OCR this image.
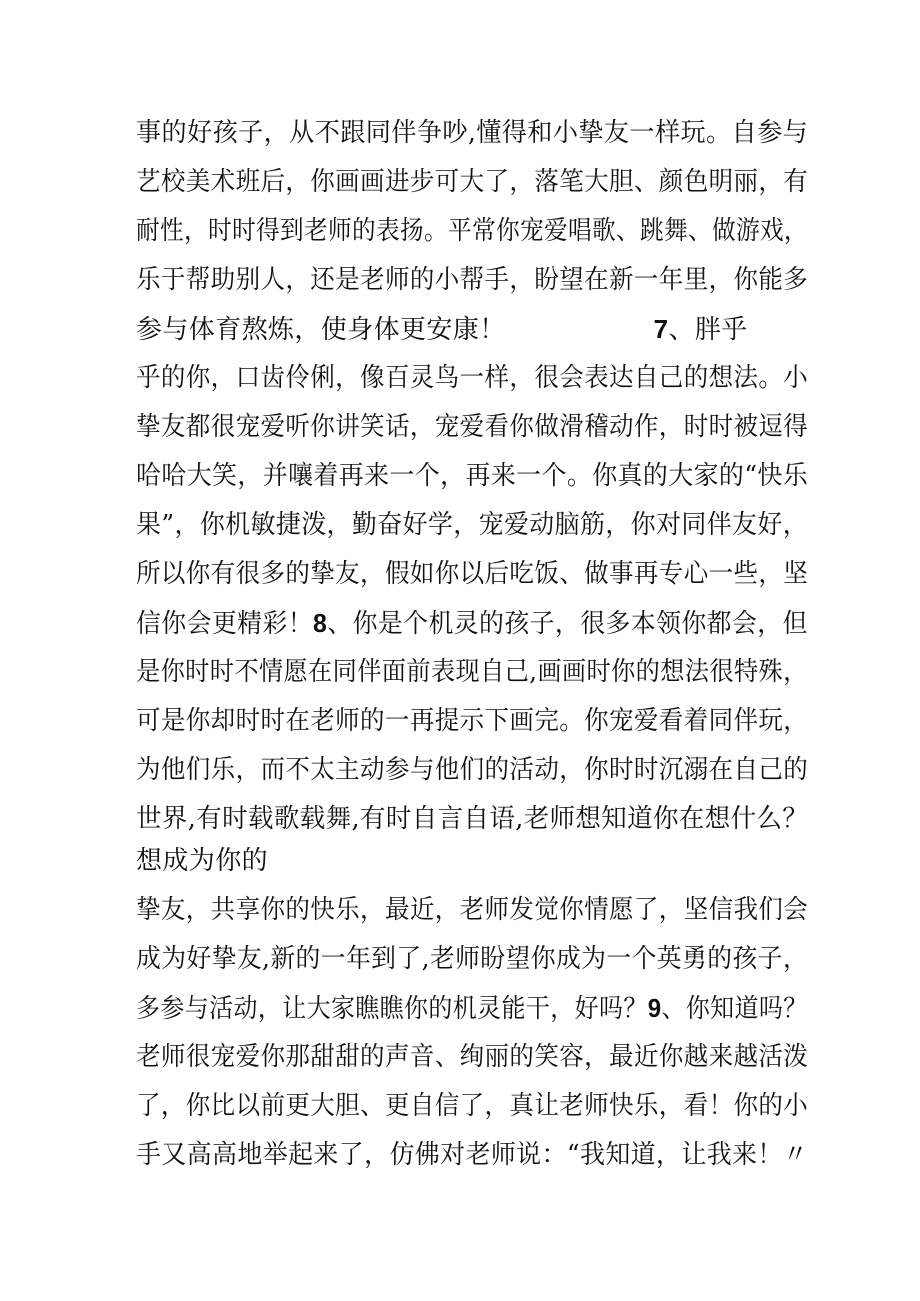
事的好孩子，从不跟同伴争吵,懂得和小挚友一样玩。自参与
艺校美术班后，你画画进步可大了，落笔大胆、颜色明丽，有
耐性，时时得到老师的表扬。平常你宠爱唱歌、跳舞、做游戏，
乐于帮助别人，还是老师的小帮手，盼望在新一年里，你能多
参与体育熬炼，使身体更安康！	7、胖乎
乎的你，口齿伶俐，像百灵鸟一样，很会表达自己的想法。小
挚友都很宠爱听你讲笑话，宠爱看你做滑稽动作，时时被逗得
哈哈大笑，并嚷着再来一个，再来一个。你真的大家的“快乐
果”，你机敏捷泼，勤奋好学，宠爱动脑筋，你对同伴友好，
所以你有很多的挚友，假如你以后吃饭、做事再专心一些，坚
信你会更精彩！8、你是个机灵的孩子，很多本领你都会，但
是你时时不情愿在同伴面前表现自己,画画时你的想法很特殊，
可是你却时时在老师的一再提示下画完。你宠爱看着同伴玩，
为他们乐，而不太主动参与他们的活动，你时时沉溺在自己的
世界,有时载歌载舞,有时自言自语,老师想知道你在想什么？
想成为你的
挚友，共享你的快乐，最近，老师发觉你情愿了，坚信我们会
成为好挚友,新的一年到了,老师盼望你成为一个英勇的孩子，
多参与活动，让大家瞧瞧你的机灵能干，好吗？9、你知道吗？
老师很宠爱你那甜甜的声音、绚丽的笑容，最近你越来越活泼
了，你比以前更大胆、更自信了，真让老师快乐，看！你的小
手又高高地举起来了，仿佛对老师说：“我知道，让我来！〃
